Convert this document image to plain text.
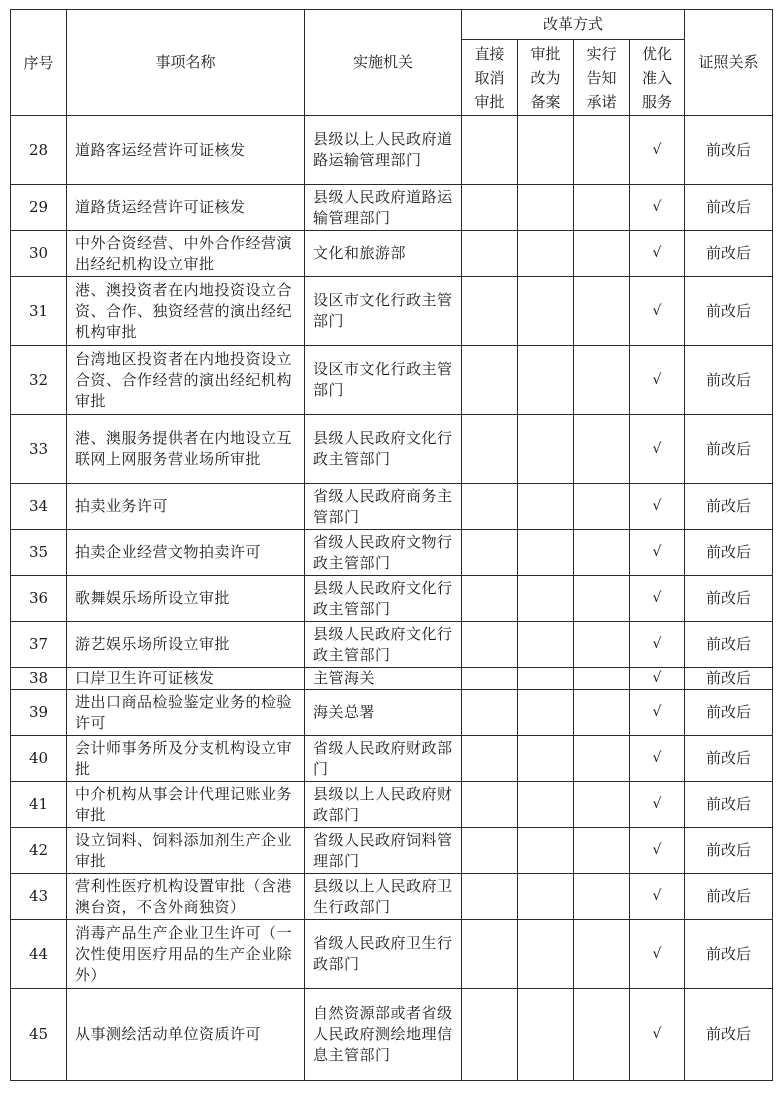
序号	事项名称	实施机关	改革方式				证照关系
			直接取消审批	审批改为备案	实行告知承诺	优化准入服务	
28	道路客运经营许可证核发	县级以上人民政府道路运输管理部门				√	前改后
29	道路货运经营许可证核发	县级人民政府道路运输管理部门				√	前改后
30	中外合资经营、中外合作经营演出经纪机构设立审批	文化和旅游部				√	前改后
31	港、澳投资者在内地投资设立合资、合作、独资经营的演出经纪机构审批	设区市文化行政主管部门				√	前改后
32	台湾地区投资者在内地投资设立合资、合作经营的演出经纪机构审批	设区市文化行政主管部门				√	前改后
33	港、澳服务提供者在内地设立互联网上网服务营业场所审批	县级人民政府文化行政主管部门				√	前改后
34	拍卖业务许可	省级人民政府商务主管部门				√	前改后
35	拍卖企业经营文物拍卖许可	省级人民政府文物行政主管部门				√	前改后
36	歌舞娱乐场所设立审批	县级人民政府文化行政主管部门				√	前改后
37	游艺娱乐场所设立审批	县级人民政府文化行政主管部门				√	前改后
38	口岸卫生许可证核发	主管海关				√	前改后
39	进出口商品检验鉴定业务的检验许可	海关总署				√	前改后
40	会计师事务所及分支机构设立审批	省级人民政府财政部门				√	前改后
41	中介机构从事会计代理记账业务审批	县级以上人民政府财政部门				√	前改后
42	设立饲料、饲料添加剂生产企业审批	省级人民政府饲料管理部门				√	前改后
43	营利性医疗机构设置审批（含港澳台资，不含外商独资）	县级以上人民政府卫生行政部门				√	前改后
44	消毒产品生产企业卫生许可（一次性使用医疗用品的生产企业除外）	省级人民政府卫生行政部门				√	前改后
45	从事测绘活动单位资质许可	自然资源部或者省级人民政府测绘地理信息主管部门				√	前改后
